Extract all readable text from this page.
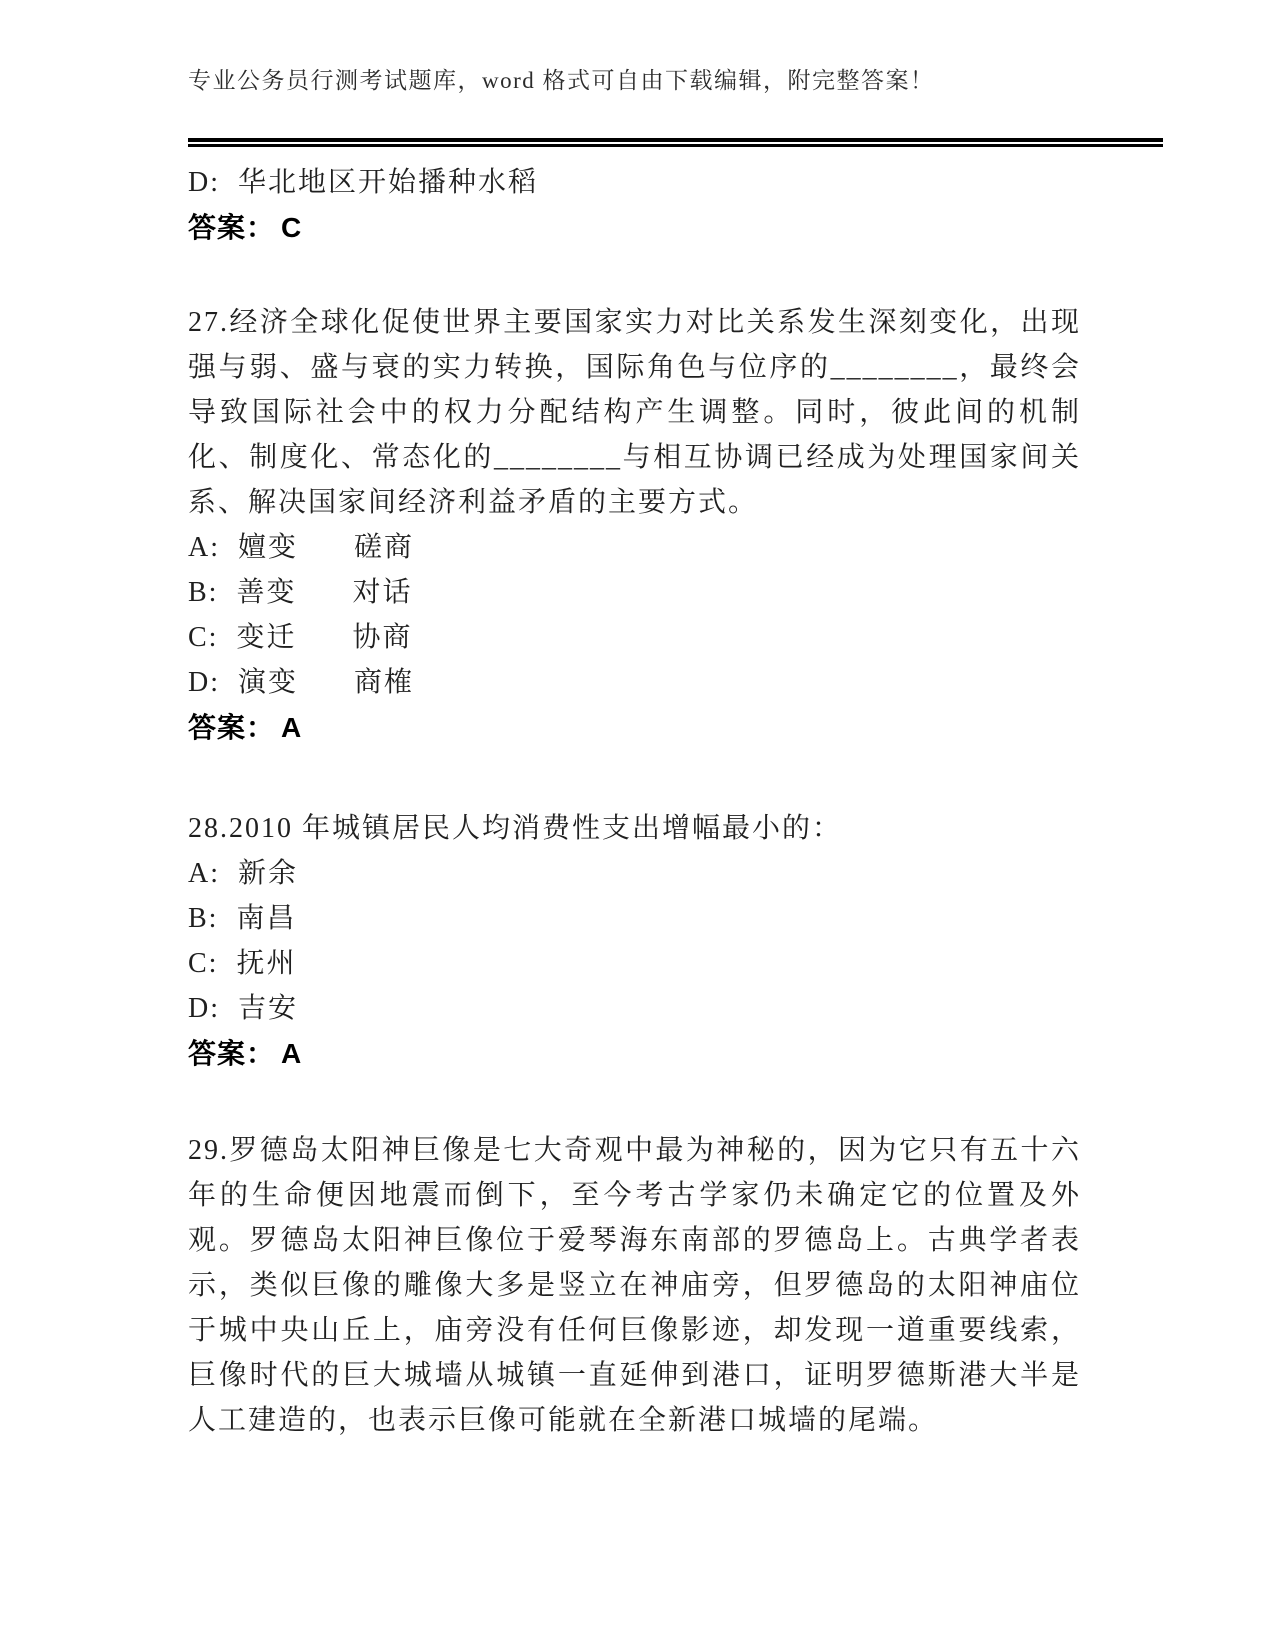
专业公务员行测考试题库，word 格式可自由下载编辑，附完整答案！
D: 华北地区开始播种水稻
答案： C

27.经济全球化促使世界主要国家实力对比关系发生深刻变化，出现强与弱、盛与衰的实力转换，国际角色与位序的________，最终会导致国际社会中的权力分配结构产生调整。同时，彼此间的机制化、制度化、常态化的________与相互协调已经成为处理国家间关系、解决国家间经济利益矛盾的主要方式。

A: 嬗变 磋商
B: 善变 对话
C: 变迁 协商
D: 演变 商榷
答案： A

28.2010 年城镇居民人均消费性支出增幅最小的：

A: 新余
B: 南昌
C: 抚州
D: 吉安
答案： A

29.罗德岛太阳神巨像是七大奇观中最为神秘的，因为它只有五十六年的生命便因地震而倒下，至今考古学家仍未确定它的位置及外观。罗德岛太阳神巨像位于爱琴海东南部的罗德岛上。古典学者表示，类似巨像的雕像大多是竖立在神庙旁，但罗德岛的太阳神庙位于城中央山丘上，庙旁没有任何巨像影迹，却发现一道重要线索，巨像时代的巨大城墙从城镇一直延伸到港口，证明罗德斯港大半是人工建造的，也表示巨像可能就在全新港口城墙的尾端。
